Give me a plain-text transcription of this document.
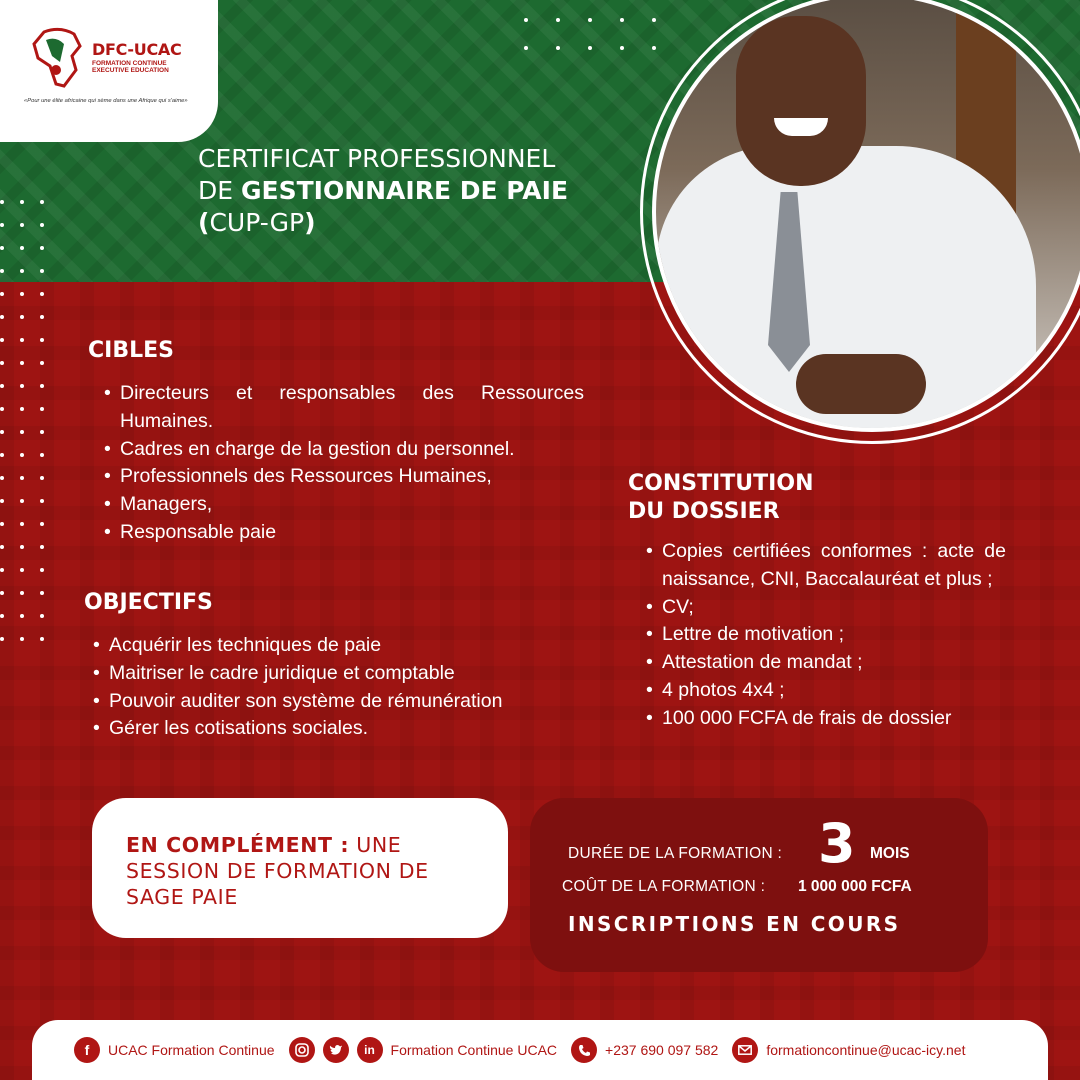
DFC-UCAC
FORMATION CONTINUE
EXECUTIVE EDUCATION
«Pour une élite africaine qui sème dans une Afrique qui s'aime»
CERTIFICAT PROFESSIONNEL
DE GESTIONNAIRE DE PAIE
(CUP-GP)
CIBLES
• Directeurs et responsables des Ressources Humaines.
• Cadres en charge de la gestion du personnel.
• Professionnels des Ressources Humaines,
• Managers,
• Responsable paie
OBJECTIFS
• Acquérir les techniques de paie
• Maitriser le cadre juridique et comptable
• Pouvoir auditer son système de rémunération
• Gérer les cotisations sociales.
CONSTITUTION
DU DOSSIER
• Copies certifiées conformes : acte de naissance, CNI, Baccalauréat et plus ;
• CV;
• Lettre de motivation ;
• Attestation de mandat ;
• 4 photos 4x4 ;
• 100 000 FCFA de frais de dossier
EN COMPLÉMENT : UNE SESSION DE FORMATION DE SAGE PAIE
DURÉE DE LA FORMATION : 3 MOIS
COÛT DE LA FORMATION : 1 000 000 FCFA
INSCRIPTIONS EN COURS
f	UCAC Formation Continue	in	Formation Continue UCAC	+237 690 097 582	formationcontinue@ucac-icy.net
